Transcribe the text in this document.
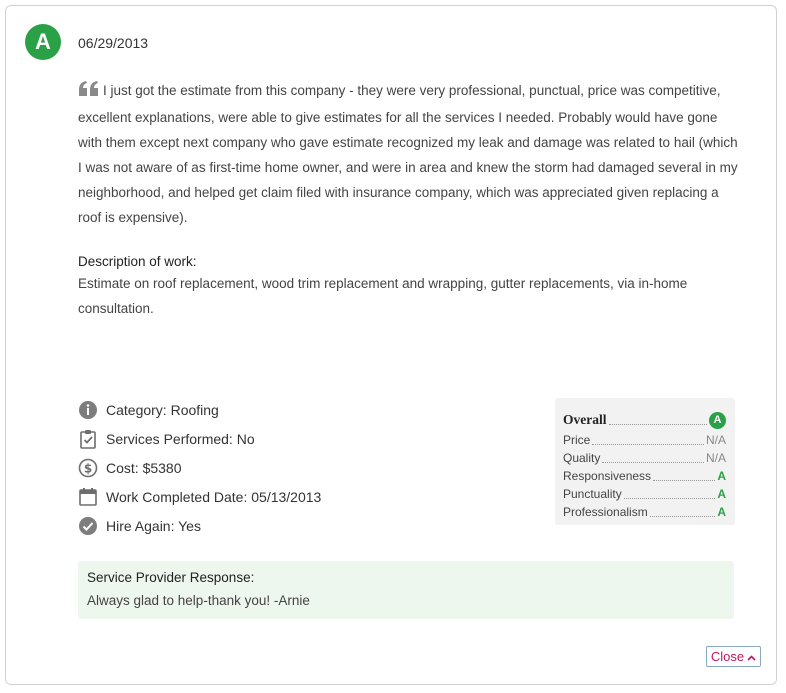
A 06/29/2013

I just got the estimate from this company - they were very professional, punctual, price was competitive, excellent explanations, were able to give estimates for all the services I needed. Probably would have gone with them except next company who gave estimate recognized my leak and damage was related to hail (which I was not aware of as first-time home owner, and were in area and knew the storm had damaged several in my neighborhood, and helped get claim filed with insurance company, which was appreciated given replacing a roof is expensive).

Description of work:

Estimate on roof replacement, wood trim replacement and wrapping, gutter replacements, via in-home consultation.

Category: Roofing
Services Performed: No
$ Cost: $5380
Work Completed Date: 05/13/2013
Hire Again: Yes
Overall	A
Price	N/A
Quality	N/A
Responsiveness	A
Punctuality	A
Professionalism	A
Service Provider Response:
Always glad to help-thank you! -Arnie
Close
